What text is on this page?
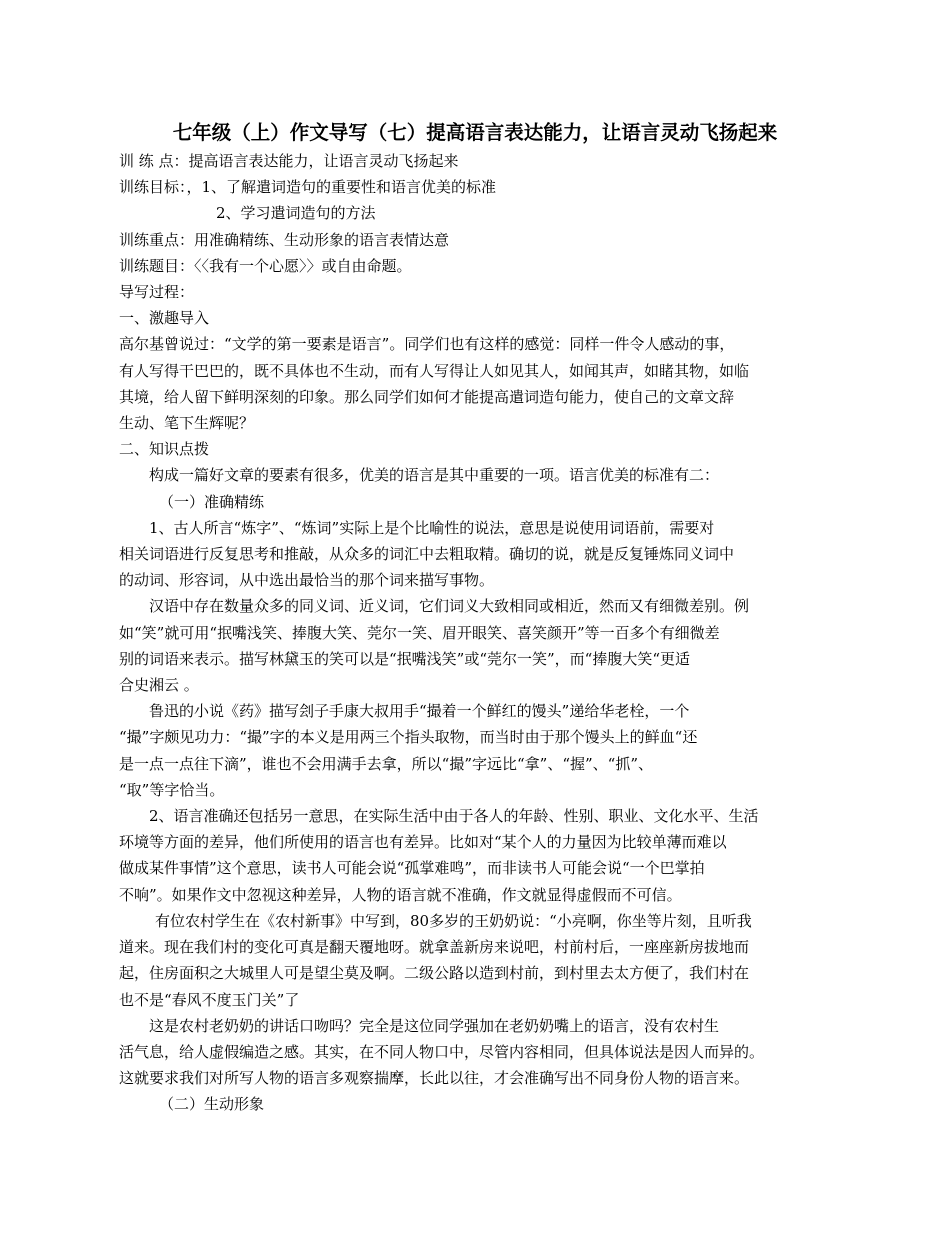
七年级（上）作文导写（七）提高语言表达能力，让语言灵动飞扬起来

训 练 点：提高语言表达能力，让语言灵动飞扬起来

训练目标：，1、了解遣词造句的重要性和语言优美的标准

2、学习遣词造句的方法

训练重点：用准确精练、生动形象的语言表情达意

训练题目：〈〈我有一个心愿〉〉或自由命题。

导写过程：

一、激趣导入

高尔基曾说过：“文学的第一要素是语言”。同学们也有这样的感觉：同样一件令人感动的事，

有人写得干巴巴的，既不具体也不生动，而有人写得让人如见其人，如闻其声，如睹其物，如临

其境，给人留下鲜明深刻的印象。那么同学们如何才能提高遣词造句能力，使自己的文章文辞

生动、笔下生辉呢？

二、知识点拨

构成一篇好文章的要素有很多，优美的语言是其中重要的一项。语言优美的标准有二：

（一）准确精练

1、古人所言“炼字”、“炼词”实际上是个比喻性的说法，意思是说使用词语前，需要对

相关词语进行反复思考和推敲，从众多的词汇中去粗取精。确切的说，就是反复锤炼同义词中

的动词、形容词，从中选出最恰当的那个词来描写事物。

汉语中存在数量众多的同义词、近义词，它们词义大致相同或相近，然而又有细微差别。例

如“笑”就可用“抿嘴浅笑、捧腹大笑、莞尔一笑、眉开眼笑、喜笑颜开”等一百多个有细微差

别的词语来表示。描写林黛玉的笑可以是“抿嘴浅笑”或“莞尔一笑”，而“捧腹大笑“更适

合史湘云 。

鲁迅的小说《药》描写刽子手康大叔用手“撮着一个鲜红的馒头”递给华老栓，一个

“撮”字颇见功力：“撮”字的本义是用两三个指头取物，而当时由于那个馒头上的鲜血“还

是一点一点往下滴”，谁也不会用满手去拿，所以“撮”字远比“拿”、“握”、“抓”、

“取”等字恰当。

2、语言准确还包括另一意思，在实际生活中由于各人的年龄、性别、职业、文化水平、生活

环境等方面的差异，他们所使用的语言也有差异。比如对“某个人的力量因为比较单薄而难以

做成某件事情”这个意思，读书人可能会说“孤掌难鸣”，而非读书人可能会说“一个巴掌拍

不响”。如果作文中忽视这种差异，人物的语言就不准确，作文就显得虚假而不可信。

有位农村学生在《农村新事》中写到，80多岁的王奶奶说：“小亮啊，你坐等片刻，且听我

道来。现在我们村的变化可真是翻天覆地呀。就拿盖新房来说吧，村前村后，一座座新房拔地而

起，住房面积之大城里人可是望尘莫及啊。二级公路以造到村前，到村里去太方便了，我们村在

也不是“春风不度玉门关”了

这是农村老奶奶的讲话口吻吗？完全是这位同学强加在老奶奶嘴上的语言，没有农村生

活气息，给人虚假编造之感。其实，在不同人物口中，尽管内容相同，但具体说法是因人而异的。

这就要求我们对所写人物的语言多观察揣摩，长此以往，才会准确写出不同身份人物的语言来。

（二）生动形象
